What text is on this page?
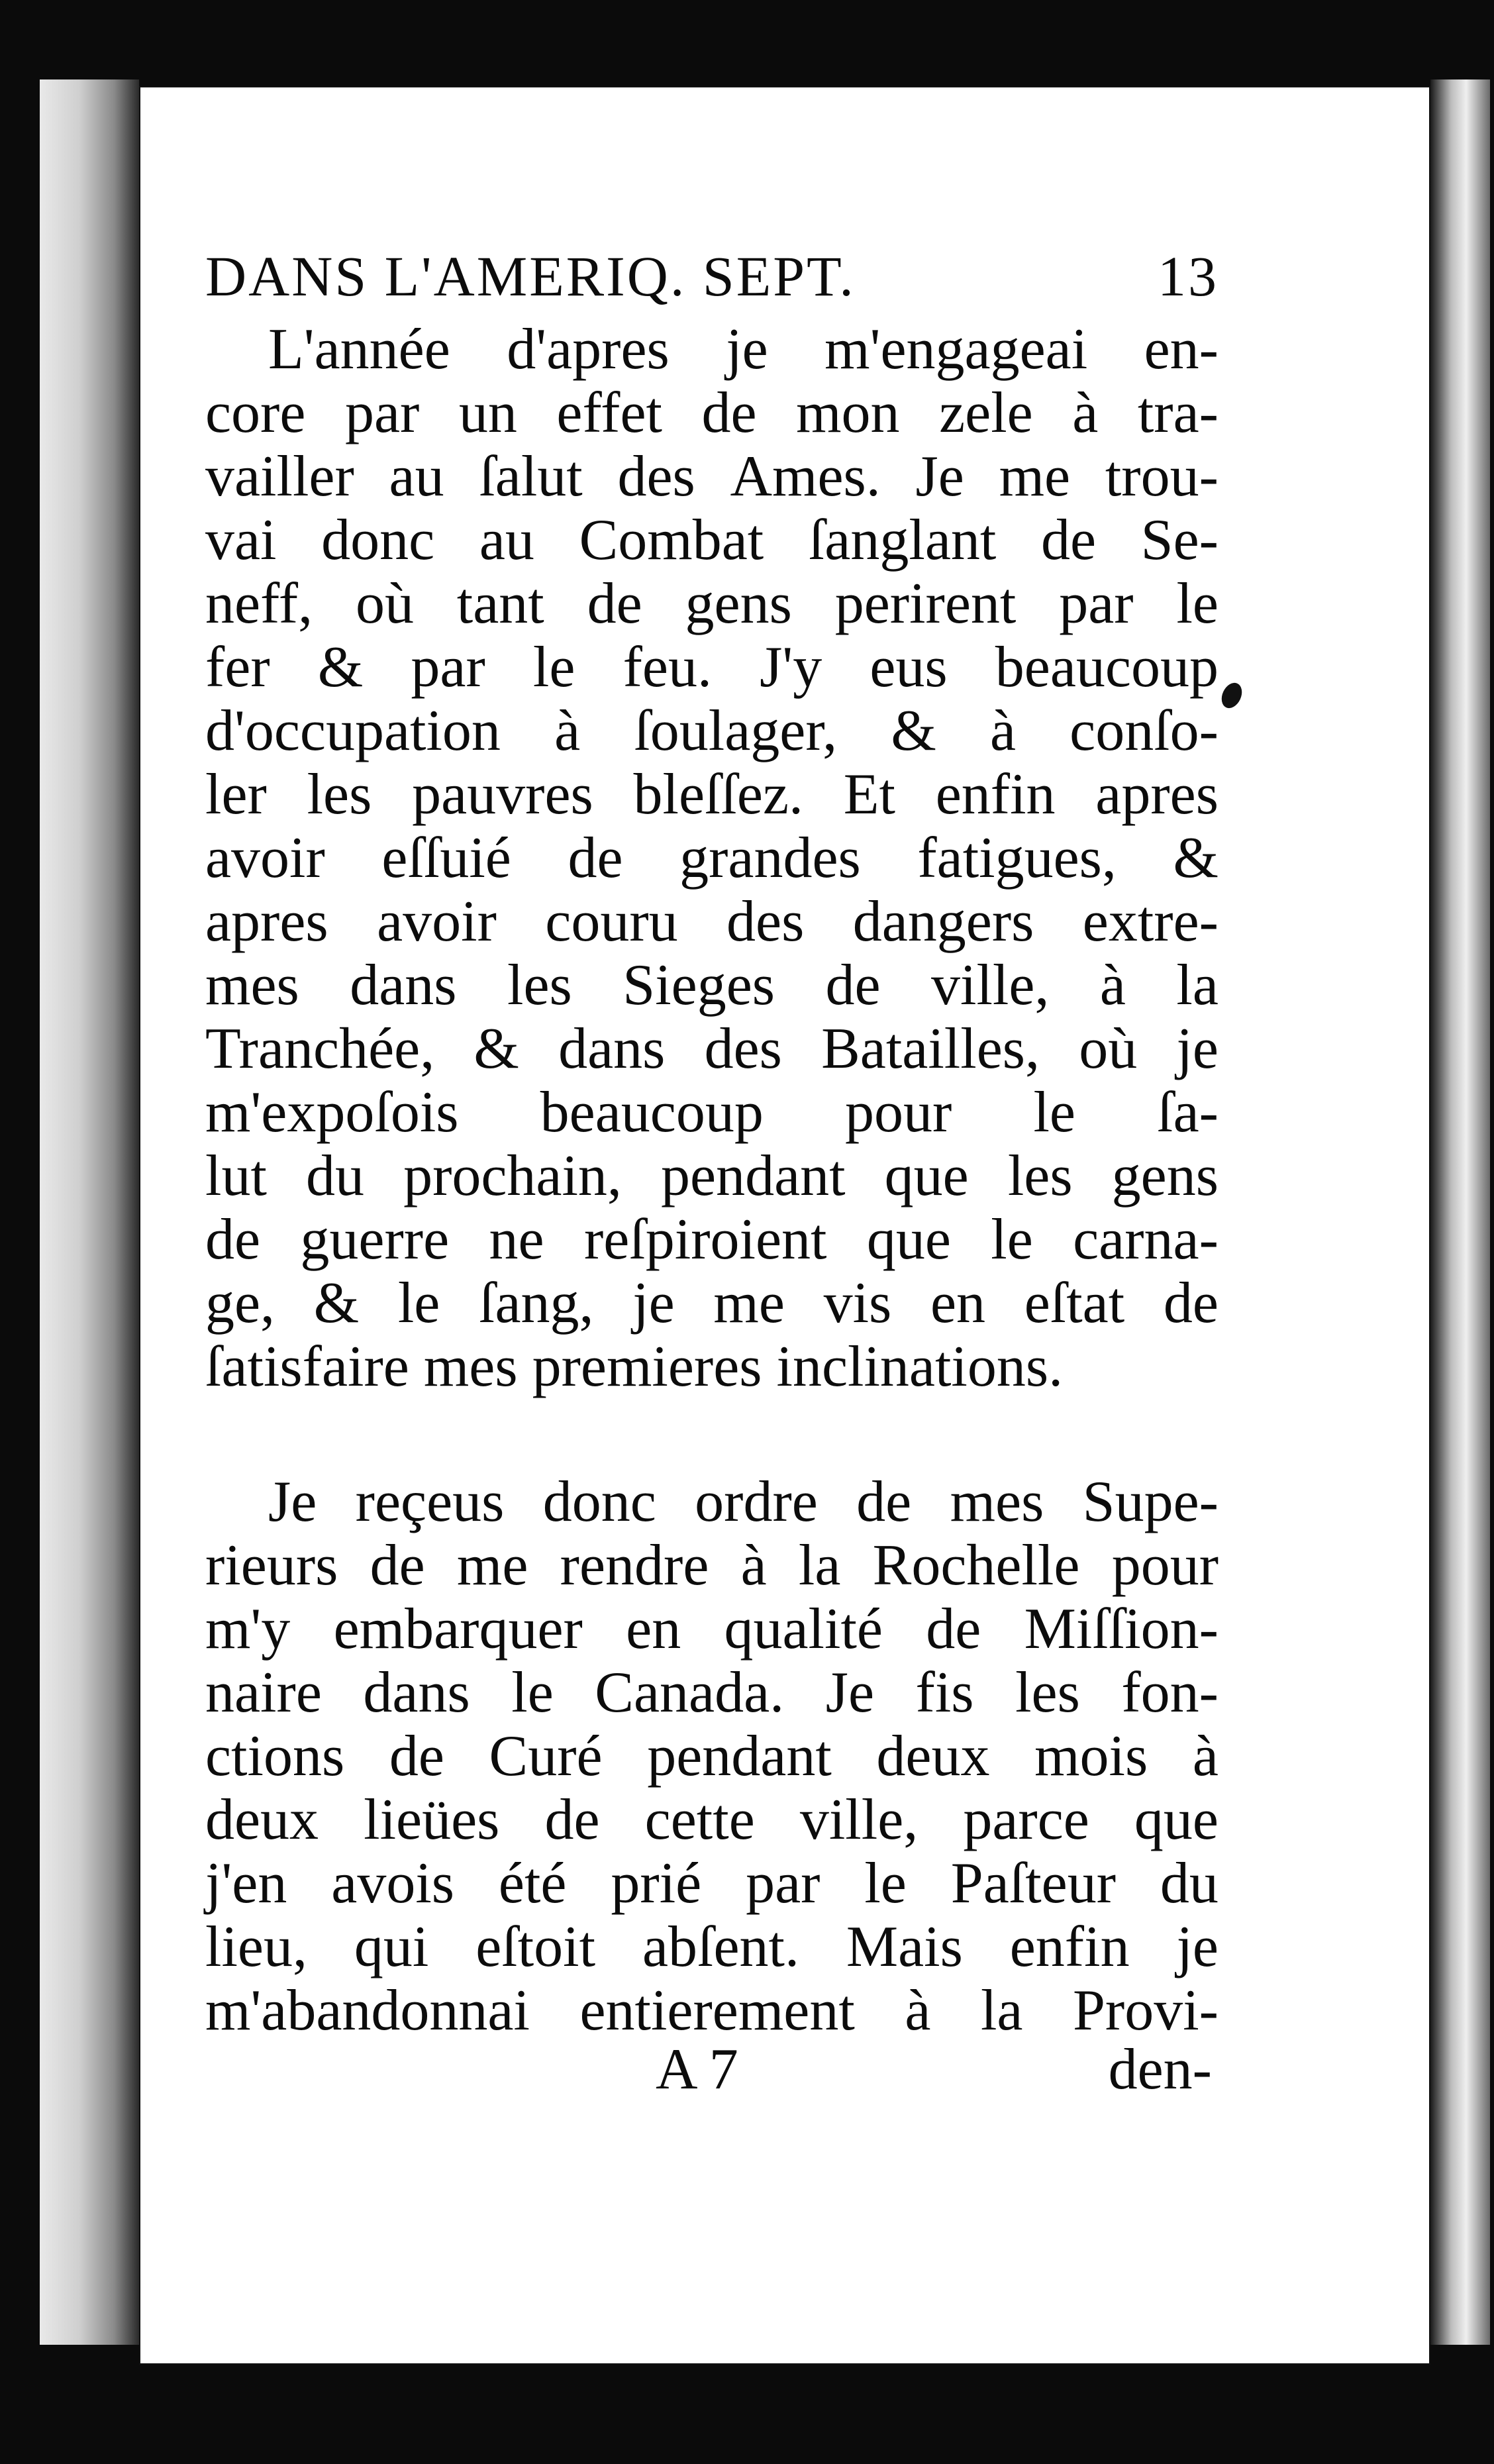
DANS L'AMERIQ. SEPT.	13
L'année d'apres je m'engageai en-
core par un effet de mon zele à tra-
vailler au ſalut des Ames. Je me trou-
vai donc au Combat ſanglant de Se-
neff, où tant de gens perirent par le
fer & par le feu. J'y eus beaucoup
d'occupation à ſoulager, & à conſo-
ler les pauvres bleſſez. Et enfin apres
avoir eſſuié de grandes fatigues, &
apres avoir couru des dangers extre-
mes dans les Sieges de ville, à la
Tranchée, & dans des Batailles, où je
m'expoſois beaucoup pour le ſa-
lut du prochain, pendant que les gens
de guerre ne reſpiroient que le carna-
ge, & le ſang, je me vis en eſtat de
ſatisfaire mes premieres inclinations.
Je reçeus donc ordre de mes Supe-
rieurs de me rendre à la Rochelle pour
m'y embarquer en qualité de Miſſion-
naire dans le Canada. Je fis les fon-
ctions de Curé pendant deux mois à
deux lieües de cette ville, parce que
j'en avois été prié par le Paſteur du
lieu, qui eſtoit abſent. Mais enfin je
m'abandonnai entierement à la Provi-
A 7	den-
